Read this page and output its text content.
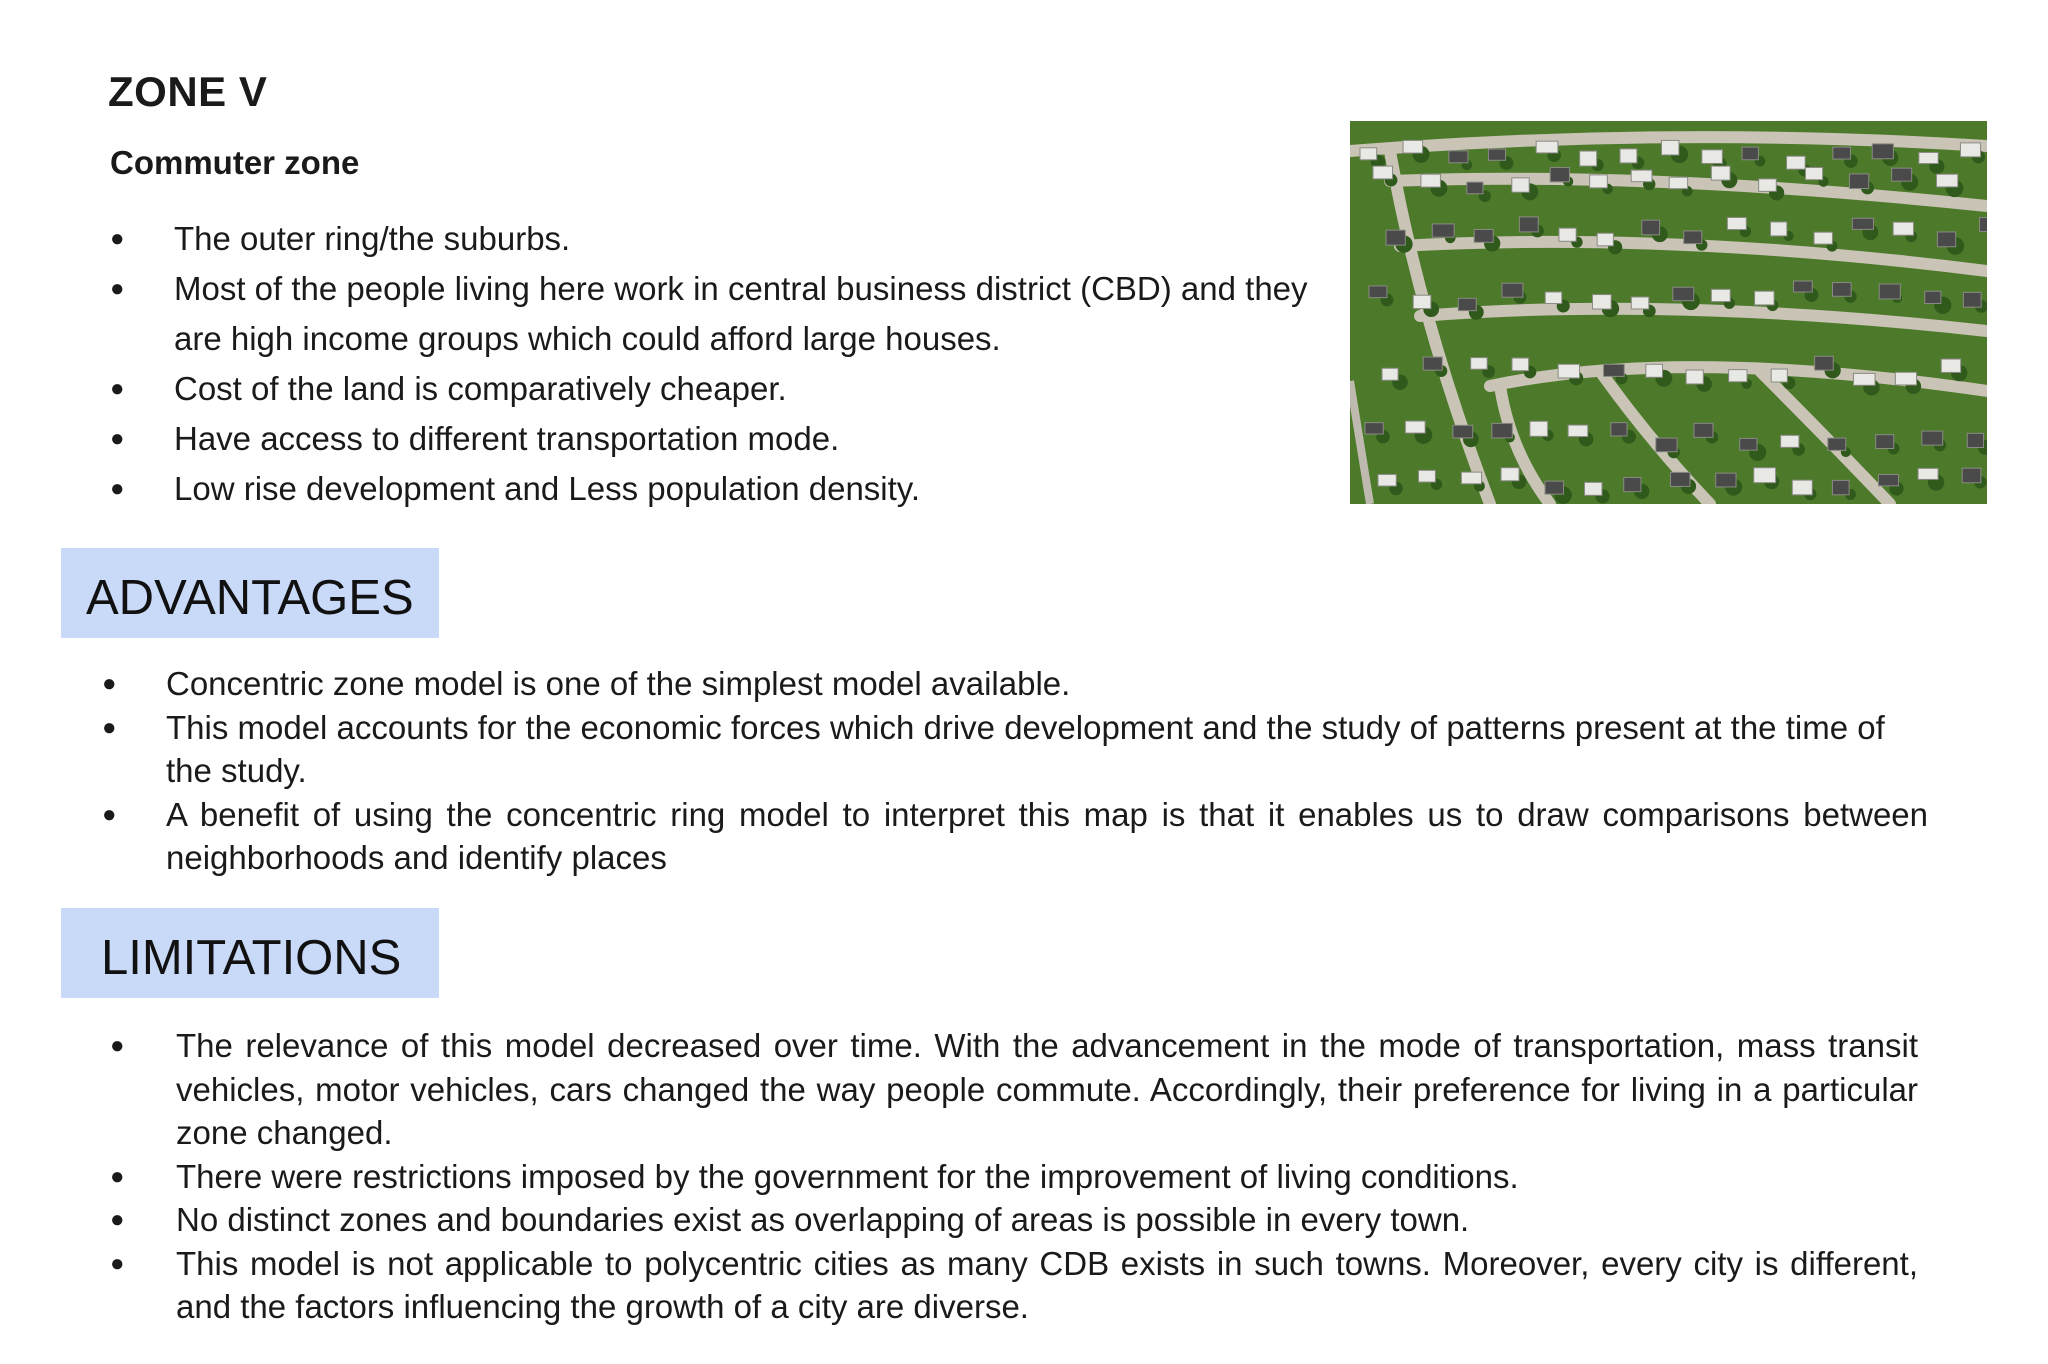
ZONE V
Commuter zone
● The outer ring/the suburbs.
● Most of the people living here work in central business district (CBD) and they are high income groups which could afford large houses.
● Cost of the land is comparatively cheaper.
● Have access to different transportation mode.
● Low rise development and Less population density.
ADVANTAGES
● Concentric zone model is one of the simplest model available.
● This model accounts for the economic forces which drive development and the study of patterns present at the time of the study.
● A benefit of using the concentric ring model to interpret this map is that it enables us to draw comparisons between neighborhoods and identify places
LIMITATIONS
● The relevance of this model decreased over time. With the advancement in the mode of transportation, mass transit vehicles, motor vehicles, cars changed the way people commute. Accordingly, their preference for living in a particular zone changed.
● There were restrictions imposed by the government for the improvement of living conditions.
● No distinct zones and boundaries exist as overlapping of areas is possible in every town.
● This model is not applicable to polycentric cities as many CDB exists in such towns. Moreover, every city is different, and the factors influencing the growth of a city are diverse.
